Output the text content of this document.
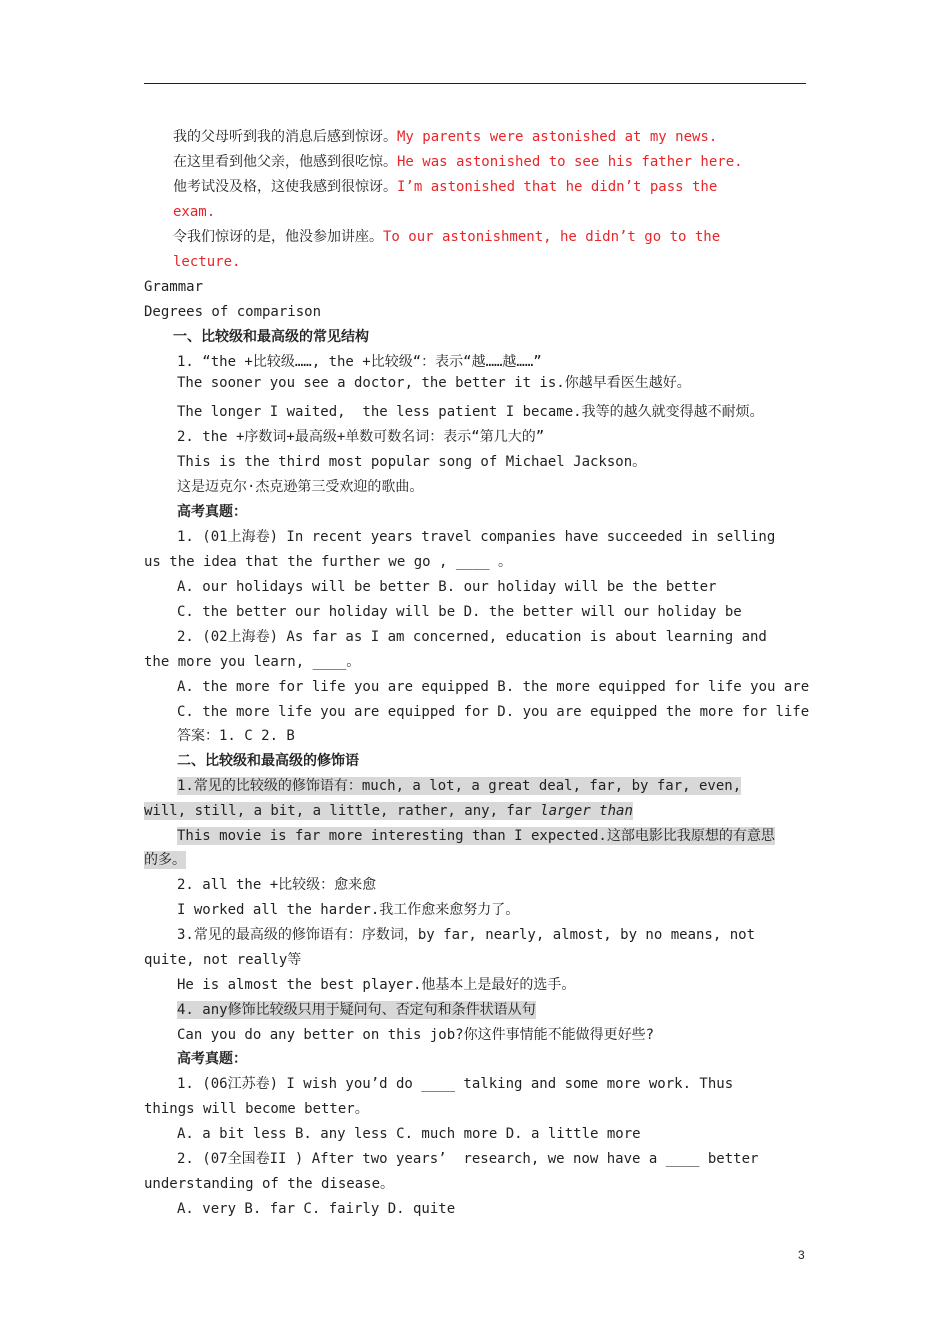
我的父母听到我的消息后感到惊讶。My parents were astonished at my news.
在这里看到他父亲，他感到很吃惊。He was astonished to see his father here.
他考试没及格，这使我感到很惊讶。I’m astonished that he didn’t pass the
exam.
令我们惊讶的是，他没参加讲座。To our astonishment, he didn’t go to the
lecture.
Grammar
Degrees of comparison
一、比较级和最高级的常见结构
1. “the +比较级……, the +比较级“：表示“越……越……”
The sooner you see a doctor, the better it is.你越早看医生越好。
The longer I waited,  the less patient I became.我等的越久就变得越不耐烦。
2. the +序数词+最高级+单数可数名词：表示“第几大的”
This is the third most popular song of Michael Jackson。
这是迈克尔·杰克逊第三受欢迎的歌曲。
高考真题：
1. (01上海卷) In recent years travel companies have succeeded in selling
us the idea that the further we go , ____ 。
A. our holidays will be better B. our holiday will be the better
C. the better our holiday will be D. the better will our holiday be
2. (02上海卷) As far as I am concerned, education is about learning and
the more you learn, ____。
A. the more for life you are equipped B. the more equipped for life you are
C. the more life you are equipped for D. you are equipped the more for life
答案：1. C 2. B
二、比较级和最高级的修饰语
1.常见的比较级的修饰语有：much, a lot, a great deal, far, by far, even,
will, still, a bit, a little, rather, any, far larger than
This movie is far more interesting than I expected.这部电影比我原想的有意思
的多。
2. all the +比较级：愈来愈
I worked all the harder.我工作愈来愈努力了。
3.常见的最高级的修饰语有：序数词，by far, nearly, almost, by no means, not
quite, not really等
He is almost the best player.他基本上是最好的选手。
4. any修饰比较级只用于疑问句、否定句和条件状语从句
Can you do any better on this job?你这件事情能不能做得更好些?
高考真题：
1. (06江苏卷) I wish you’d do ____ talking and some more work. Thus
things will become better。
A. a bit less B. any less C. much more D. a little more
2. (07全国卷II ) After two years’  research, we now have a ____ better
understanding of the disease。
A. very B. far C. fairly D. quite
3
